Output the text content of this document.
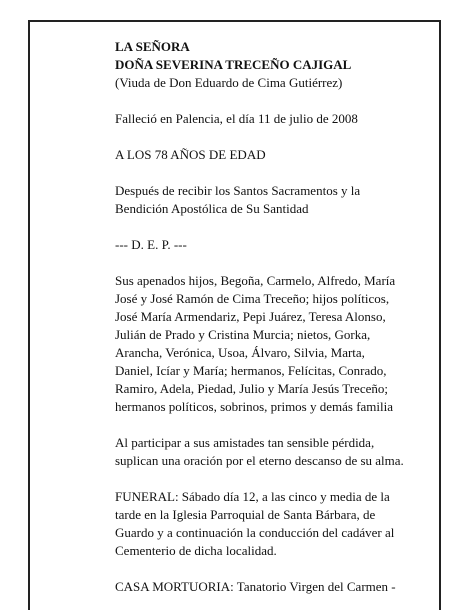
LA SEÑORA
DOÑA SEVERINA TRECEÑO CAJIGAL
(Viuda de Don Eduardo de Cima Gutiérrez)
Falleció en Palencia, el día 11 de julio de 2008
A LOS 78 AÑOS DE EDAD
Después de recibir los Santos Sacramentos y la
Bendición Apostólica de Su Santidad
--- D. E. P. ---
Sus apenados hijos, Begoña, Carmelo, Alfredo, María
José y José Ramón de Cima Treceño; hijos políticos,
José María Armendariz, Pepi Juárez, Teresa Alonso,
Julián de Prado y Cristina Murcia; nietos, Gorka,
Arancha, Verónica, Usoa, Álvaro, Silvia, Marta,
Daniel, Icíar y María; hermanos, Felícitas, Conrado,
Ramiro, Adela, Piedad, Julio y María Jesús Treceño;
hermanos políticos, sobrinos, primos y demás familia
Al participar a sus amistades tan sensible pérdida,
suplican una oración por el eterno descanso de su alma.
FUNERAL: Sábado día 12, a las cinco y media de la
tarde en la Iglesia Parroquial de Santa Bárbara, de
Guardo y a continuación la conducción del cadáver al
Cementerio de dicha localidad.
CASA MORTUORIA: Tanatorio Virgen del Carmen -
